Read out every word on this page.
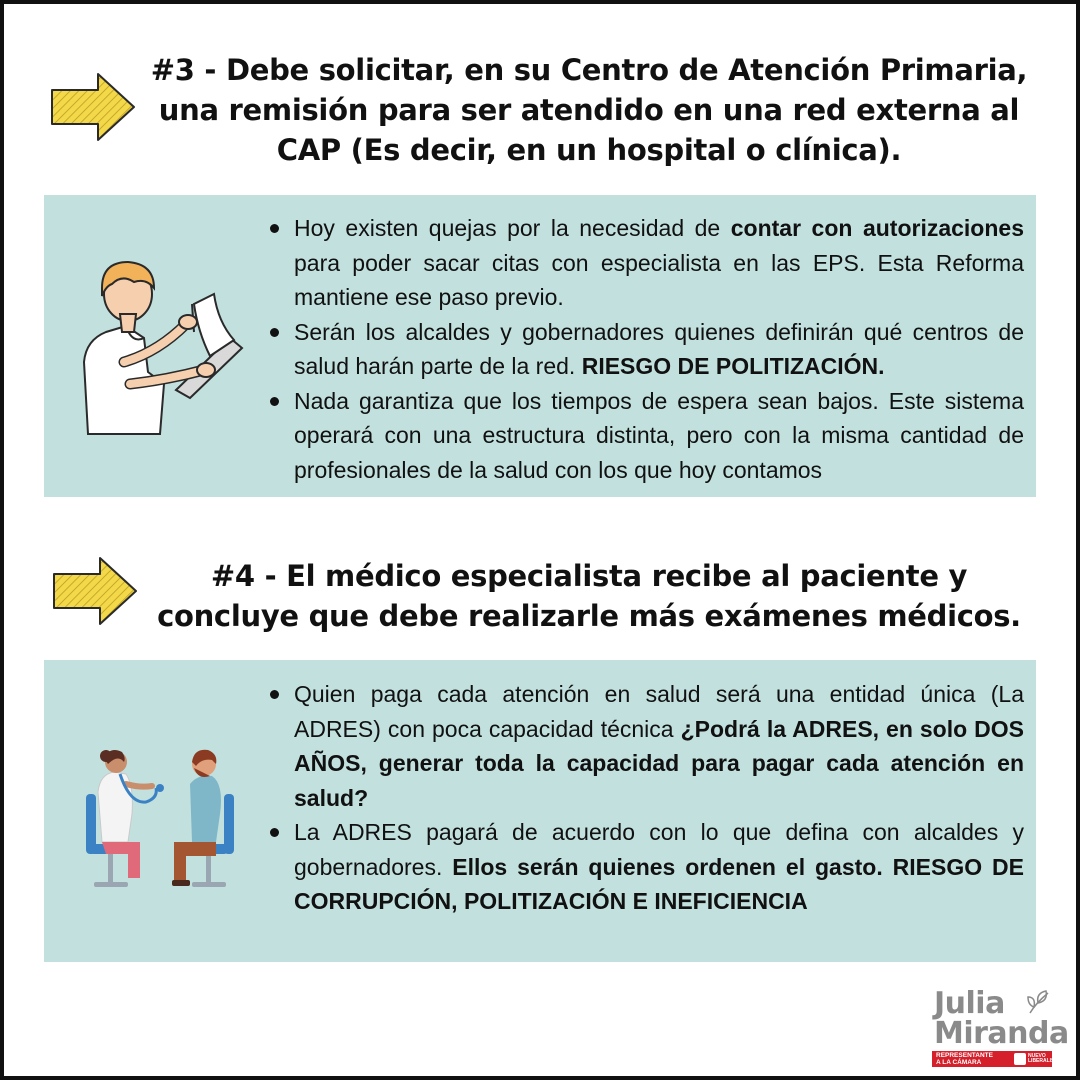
#3 - Debe solicitar, en su Centro de Atención Primaria, una remisión para ser atendido en una red externa al CAP (Es decir, en un hospital o clínica).
Hoy existen quejas por la necesidad de contar con autorizaciones para poder sacar citas con especialista en las EPS. Esta Reforma mantiene ese paso previo.
Serán los alcaldes y gobernadores quienes definirán qué centros de salud harán parte de la red. RIESGO DE POLITIZACIÓN.
Nada garantiza que los tiempos de espera sean bajos. Este sistema operará con una estructura distinta, pero con la misma cantidad de profesionales de la salud con los que hoy contamos
#4 - El médico especialista recibe al paciente y concluye que debe realizarle más exámenes médicos.
Quien paga cada atención en salud será una entidad única (La ADRES) con poca capacidad técnica ¿Podrá la ADRES, en solo DOS AÑOS, generar toda la capacidad para pagar cada atención en salud?
La ADRES pagará de acuerdo con lo que defina con alcaldes y gobernadores. Ellos serán quienes ordenen el gasto. RIESGO DE CORRUPCIÓN, POLITIZACIÓN E INEFICIENCIA
Julia
Miranda
REPRESENTANTE
A LA CÁMARA
NUEVO
LIBERALISMO
